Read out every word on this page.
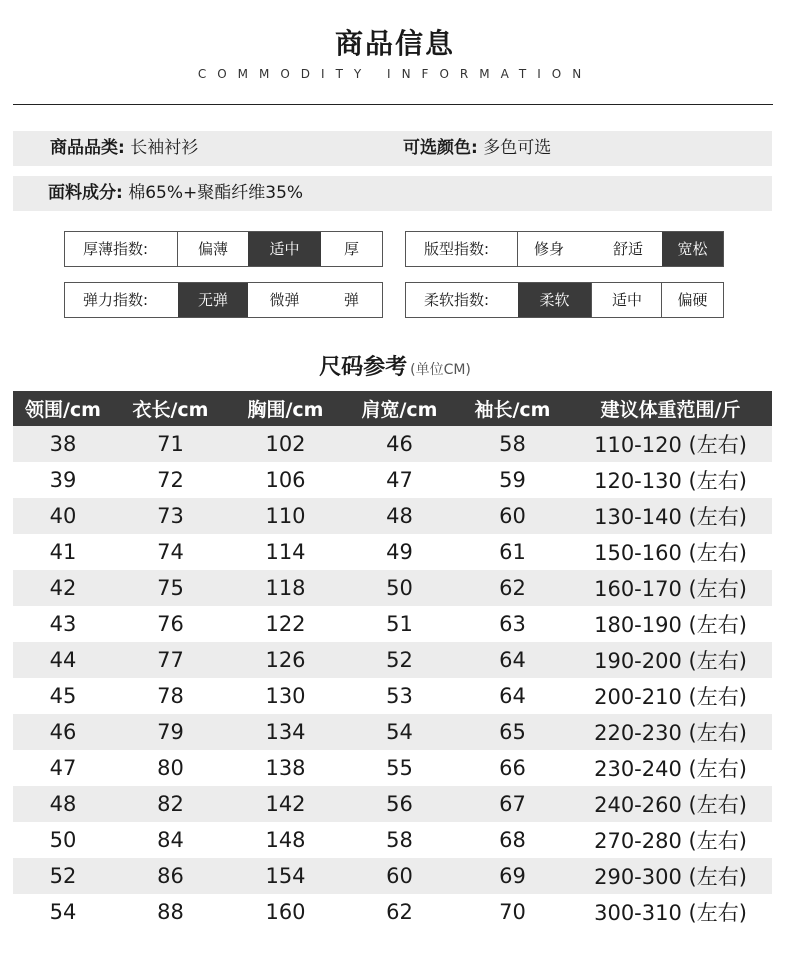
商品信息
COMMODITY INFORMATION
商品品类: 长袖衬衫	可选颜色: 多色可选
面料成分: 棉65%+聚酯纤维35%
厚薄指数:	偏薄	适中	厚	版型指数:	修身	舒适	宽松
弹力指数:	无弹	微弹	弹	柔软指数:	柔软	适中	偏硬
尺码参考 (单位CM)
领围/cm	衣长/cm	胸围/cm	肩宽/cm	袖长/cm	建议体重范围/斤
38	71	102	46	58	110-120 (左右)
39	72	106	47	59	120-130 (左右)
40	73	110	48	60	130-140 (左右)
41	74	114	49	61	150-160 (左右)
42	75	118	50	62	160-170 (左右)
43	76	122	51	63	180-190 (左右)
44	77	126	52	64	190-200 (左右)
45	78	130	53	64	200-210 (左右)
46	79	134	54	65	220-230 (左右)
47	80	138	55	66	230-240 (左右)
48	82	142	56	67	240-260 (左右)
50	84	148	58	68	270-280 (左右)
52	86	154	60	69	290-300 (左右)
54	88	160	62	70	300-310 (左右)
